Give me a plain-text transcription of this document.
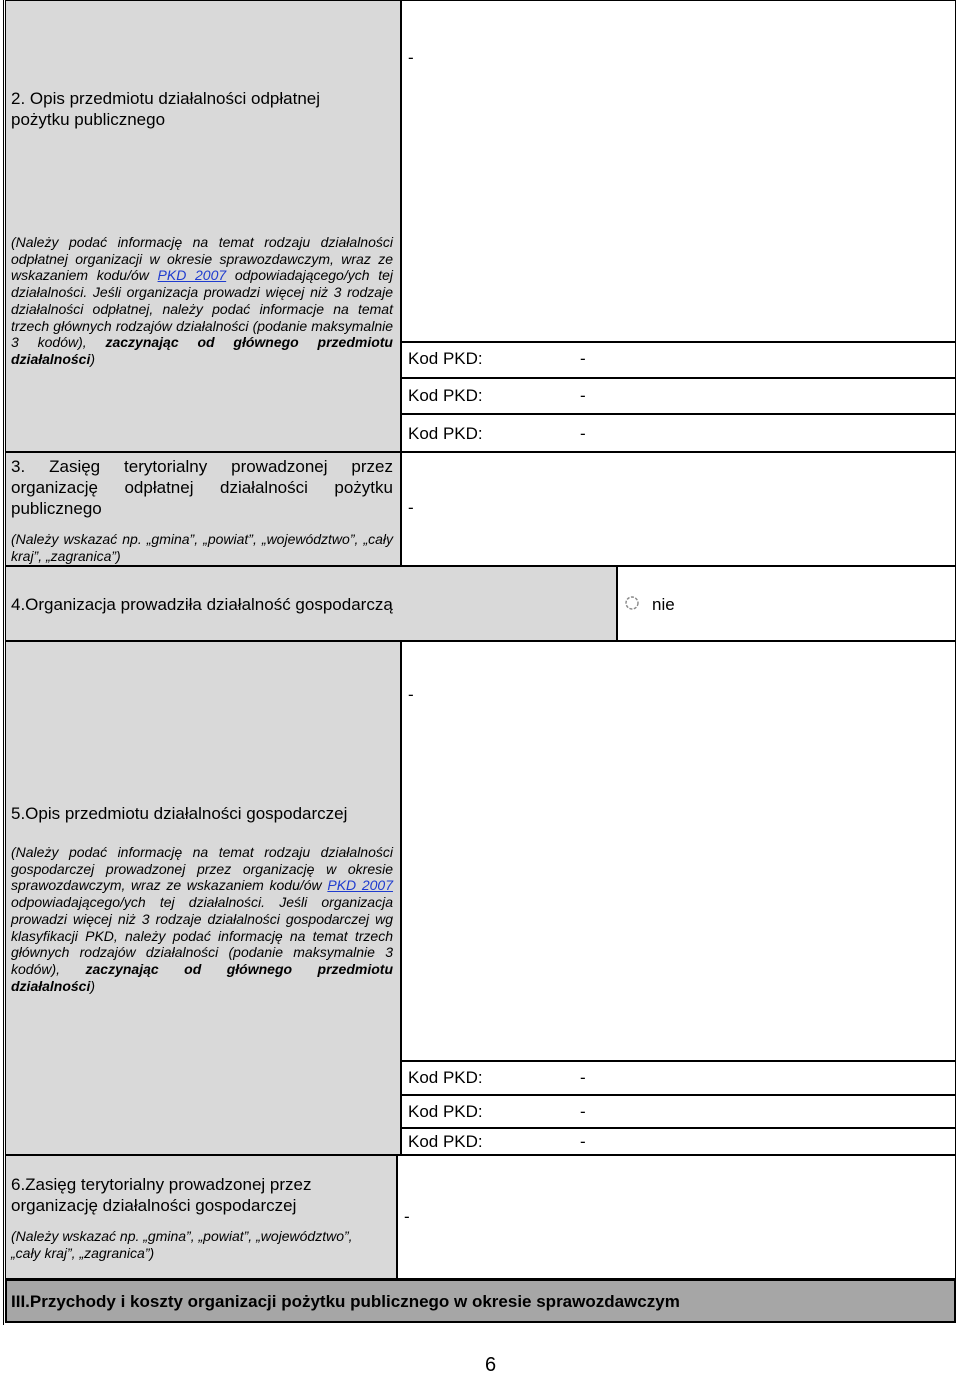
2. Opis przedmiotu działalności odpłatnej pożytku publicznego
(Należy podać informację na temat rodzaju działalności odpłatnej organizacji w okresie sprawozdawczym, wraz ze wskazaniem kodu/ów PKD 2007 odpowiadającego/ych tej działalności. Jeśli organizacja prowadzi więcej niż 3 rodzaje działalności odpłatnej, należy podać informacje na temat trzech głównych rodzajów działalności (podanie maksymalnie 3 kodów), zaczynając od głównego przedmiotu działalności)
-
Kod PKD:	-
Kod PKD:	-
Kod PKD:	-
3. Zasięg terytorialny prowadzonej przez organizację odpłatnej działalności pożytku publicznego
(Należy wskazać np. „gmina”, „powiat”, „województwo”, „cały kraj”, „zagranica”)
-
4.Organizacja prowadziła działalność gospodarczą	nie
5.Opis przedmiotu działalności gospodarczej
(Należy podać informację na temat rodzaju działalności gospodarczej prowadzonej przez organizację w okresie sprawozdawczym, wraz ze wskazaniem kodu/ów PKD 2007 odpowiadającego/ych tej działalności. Jeśli organizacja prowadzi więcej niż 3 rodzaje działalności gospodarczej wg klasyfikacji PKD, należy podać informację na temat trzech głównych rodzajów działalności (podanie maksymalnie 3 kodów), zaczynając od głównego przedmiotu działalności)
-
Kod PKD:	-
Kod PKD:	-
Kod PKD:	-
6.Zasięg terytorialny prowadzonej przez organizację działalności gospodarczej
(Należy wskazać np. „gmina”, „powiat”, „województwo”, „cały kraj”, „zagranica”)
-
III.Przychody i koszty organizacji pożytku publicznego w okresie sprawozdawczym
6
